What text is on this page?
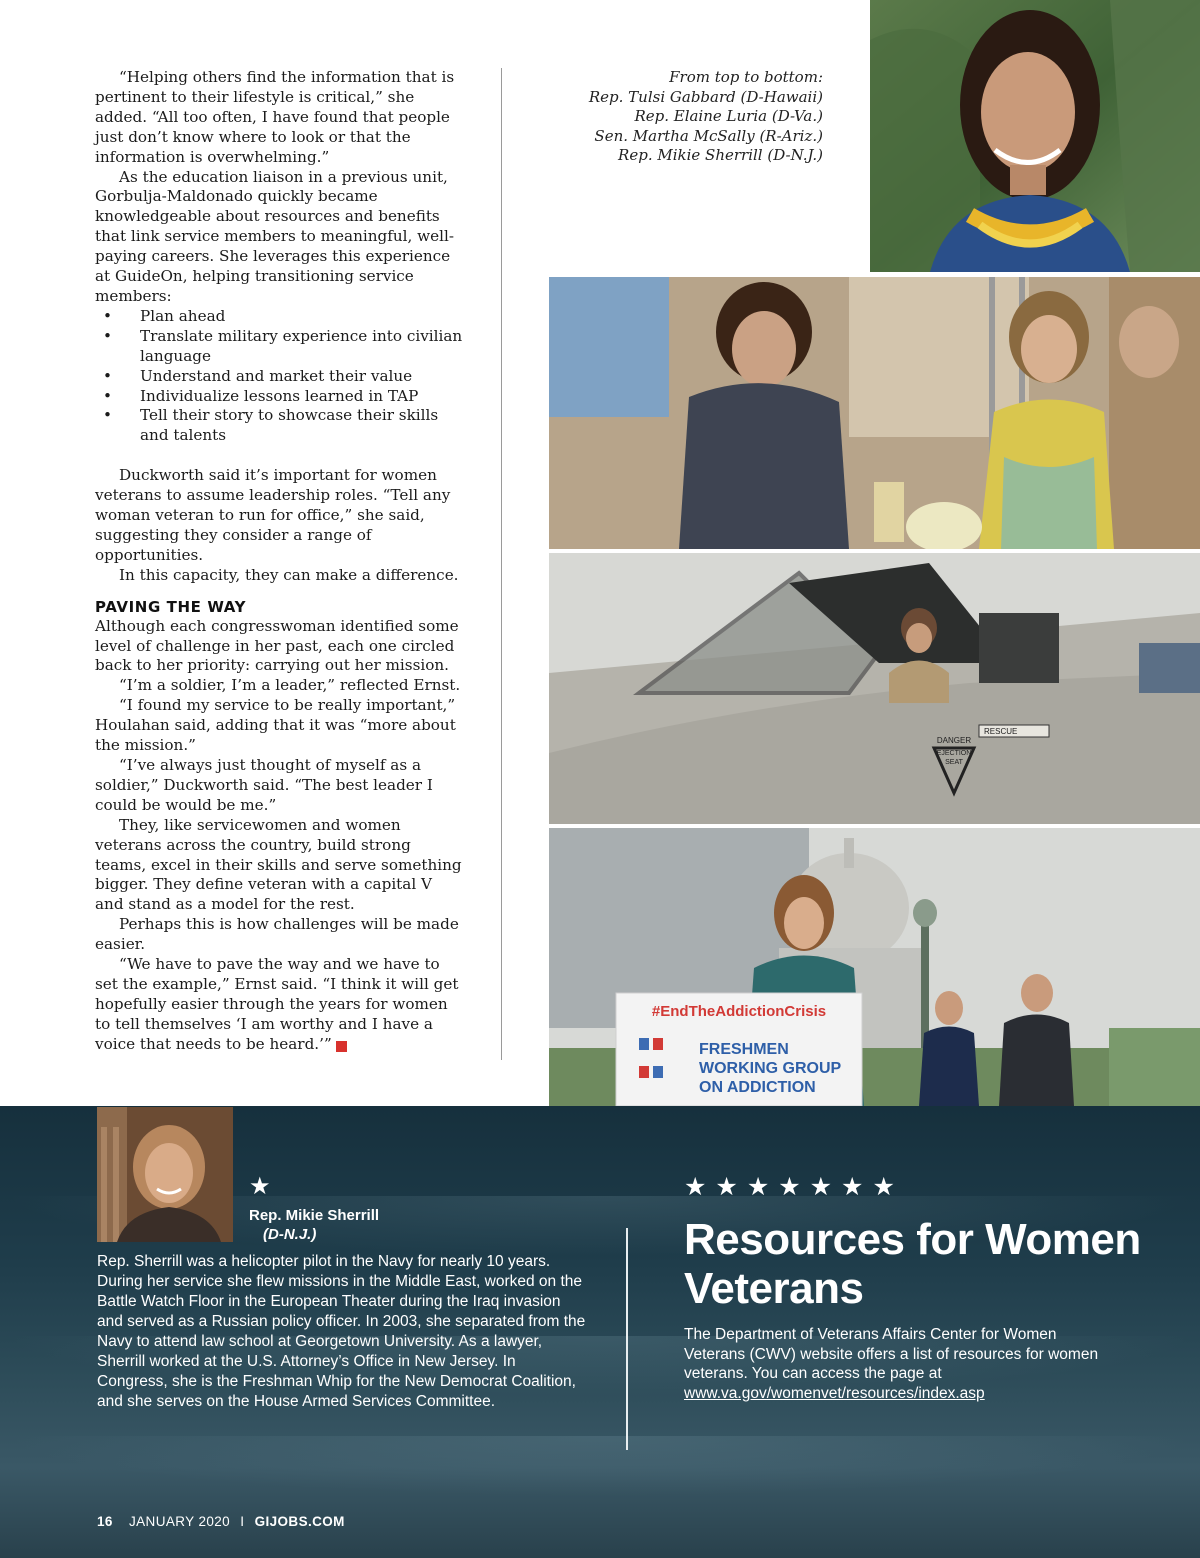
“Helping others find the information that is pertinent to their lifestyle is critical,” she added. “All too often, I have found that people just don’t know where to look or that the information is overwhelming.”

As the education liaison in a previous unit, Gorbulja-Maldonado quickly became knowledgeable about resources and benefits that link service members to meaningful, well-paying careers. She leverages this experience at GuideOn, helping transitioning service members:

• Plan ahead
• Translate military experience into civilian language
• Understand and market their value
• Individualize lessons learned in TAP
• Tell their story to showcase their skills and talents

Duckworth said it’s important for women veterans to assume leadership roles. “Tell any woman veteran to run for office,” she said, suggesting they consider a range of opportunities.

In this capacity, they can make a difference.

PAVING THE WAY

Although each congresswoman identified some level of challenge in her past, each one circled back to her priority: carrying out her mission.

“I’m a soldier, I’m a leader,” reflected Ernst.

“I found my service to be really important,” Houlahan said, adding that it was “more about the mission.”

“I’ve always just thought of myself as a soldier,” Duckworth said. “The best leader I could be would be me.”

They, like servicewomen and women veterans across the country, build strong teams, excel in their skills and serve something bigger. They define veteran with a capital V and stand as a model for the rest.

Perhaps this is how challenges will be made easier.

“We have to pave the way and we have to set the example,” Ernst said. “I think it will get hopefully easier through the years for women to tell themselves ‘I am worthy and I have a voice that needs to be heard.’”	G

From top to bottom:
Rep. Tulsi Gabbard (D-Hawaii)
Rep. Elaine Luria (D-Va.)
Sen. Martha McSally (R-Ariz.)
Rep. Mikie Sherrill (D-N.J.)
DANGER
EJECTION
SEAT
RESCUE
#EndTheAddictionCrisis
FRESHMEN
WORKING GROUP
ON ADDICTION
★
Rep. Mikie Sherrill
(D-N.J.)
Rep. Sherrill was a helicopter pilot in the Navy for nearly 10 years. During her service she flew missions in the Middle East, worked on the Battle Watch Floor in the European Theater during the Iraq invasion and served as a Russian policy officer. In 2003, she separated from the Navy to attend law school at Georgetown University. As a lawyer, Sherrill worked at the U.S. Attorney’s Office in New Jersey. In Congress, she is the Freshman Whip for the New Democrat Coalition, and she serves on the House Armed Services Committee.
★★★★★★★
Resources for Women Veterans
The Department of Veterans Affairs Center for Women Veterans (CWV) website offers a list of resources for women veterans. You can access the page at www.va.gov/womenvet/resources/index.asp
16 JANUARY 2020 I GIJOBS.COM
